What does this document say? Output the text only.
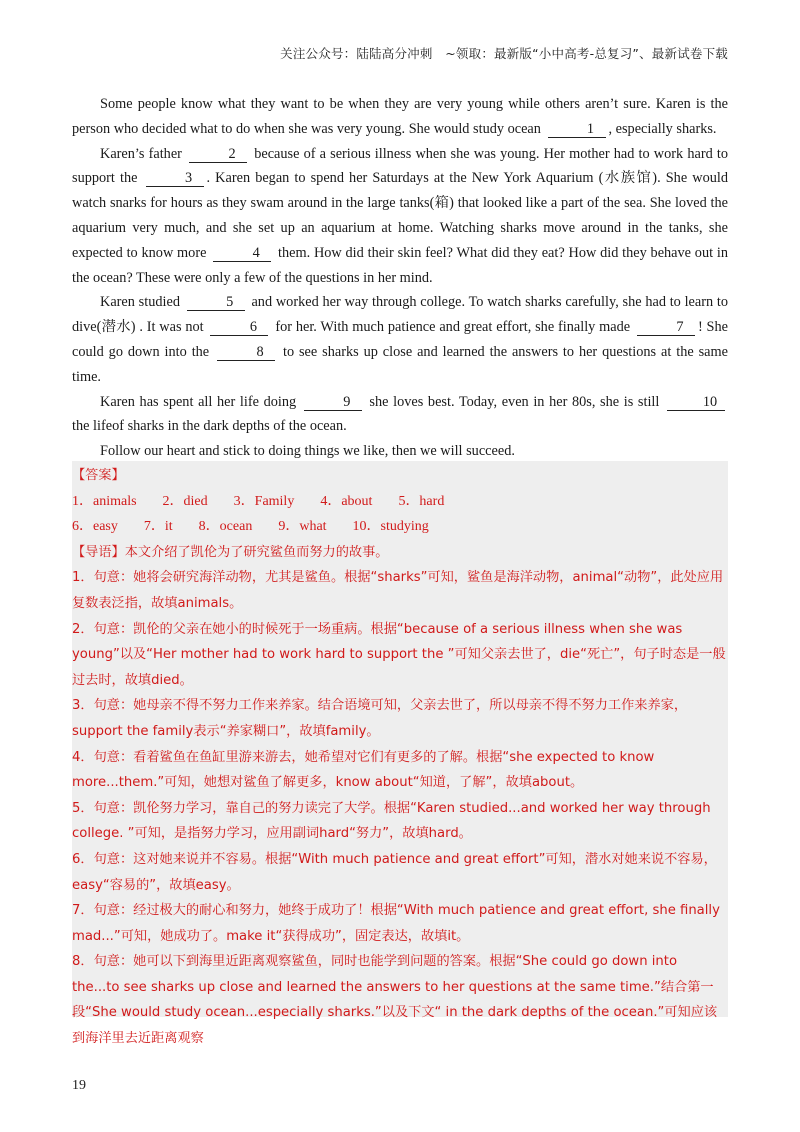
关注公众号：陆陆高分冲刺　~领取：最新版“小中高考-总复习”、最新试卷下载

Some people know what they want to be when they are very young while others aren’t sure. Karen is the person who decided what to do when she was very young. She would study ocean	1 , especially sharks.

Karen’s father	2 because of a serious illness when she was young. Her mother had to work hard to support the	3 . Karen began to spend her Saturdays at the New York Aquarium (水族馆). She would watch snarks for hours as they swam around in the large tanks(箱) that looked like a part of the sea. She loved the aquarium very much, and she set up an aquarium at home. Watching sharks move around in the tanks, she expected to know more	4 them. How did their skin feel? What did they eat? How did they behave out in the ocean? These were only a few of the questions in her mind.

Karen studied	5 and worked her way through college. To watch sharks carefully, she had to learn to dive(潜水) . It was not	6 for her. With much patience and great effort, she finally made	7 ! She could go down into the	8 to see sharks up close and learned the answers to her questions at the same time.

Karen has spent all her life doing	9 she loves best. Today, even in her 80s, she is still	10 the lifeof sharks in the dark depths of the ocean.

Follow our heart and stick to doing things we like, then we will succeed.

【答案】
1．animals 2．died 3．Family 4．about 5．hard
6．easy 7．it 8．ocean 9．what 10．studying

【导语】本文介绍了凯伦为了研究鲨鱼而努力的故事。

1．句意：她将会研究海洋动物，尤其是鲨鱼。根据“sharks”可知，鲨鱼是海洋动物，animal“动物”，此处应用复数表泛指，故填animals。

2．句意：凯伦的父亲在她小的时候死于一场重病。根据“because of a serious illness when she was young”以及“Her mother had to work hard to support the ”可知父亲去世了，die“死亡”，句子时态是一般过去时，故填died。

3．句意：她母亲不得不努力工作来养家。结合语境可知，父亲去世了，所以母亲不得不努力工作来养家，support the family表示“养家糊口”，故填family。

4．句意：看着鲨鱼在鱼缸里游来游去，她希望对它们有更多的了解。根据“she expected to know more...them.”可知，她想对鲨鱼了解更多，know about“知道，了解”，故填about。

5．句意：凯伦努力学习，靠自己的努力读完了大学。根据“Karen studied...and worked her way through college. ”可知，是指努力学习，应用副词hard“努力”，故填hard。

6．句意：这对她来说并不容易。根据“With much patience and great effort”可知，潜水对她来说不容易，easy“容易的”，故填easy。

7．句意：经过极大的耐心和努力，她终于成功了！根据“With much patience and great effort, she finally mad...”可知，她成功了。make it“获得成功”，固定表达，故填it。

8．句意：她可以下到海里近距离观察鲨鱼，同时也能学到问题的答案。根据“She could go down into the...to see sharks up close and learned the answers to her questions at the same time.”结合第一段“She would study ocean...especially sharks.”以及下文“ in the dark depths of the ocean.”可知应该到海洋里去近距离观察

19
